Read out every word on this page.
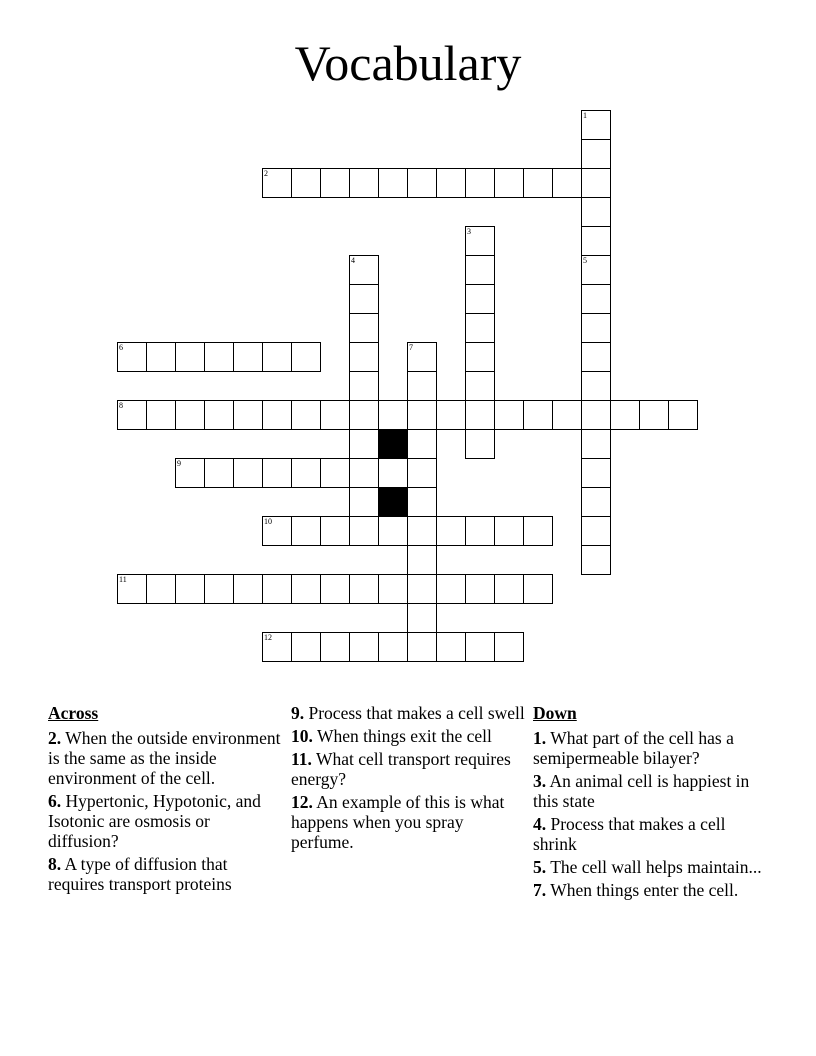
Vocabulary
1
5
2
3
4
6	7
8
9
10
11
12
Across
2. When the outside environment is the same as the inside environment of the cell.
6. Hypertonic, Hypotonic, and Isotonic are osmosis or diffusion?
8. A type of diffusion that requires transport proteins
9. Process that makes a cell swell
10. When things exit the cell
11. What cell transport requires energy?
12. An example of this is what happens when you spray perfume.
Down
1. What part of the cell has a semipermeable bilayer?
3. An animal cell is happiest in this state
4. Process that makes a cell shrink
5. The cell wall helps maintain...
7. When things enter the cell.
